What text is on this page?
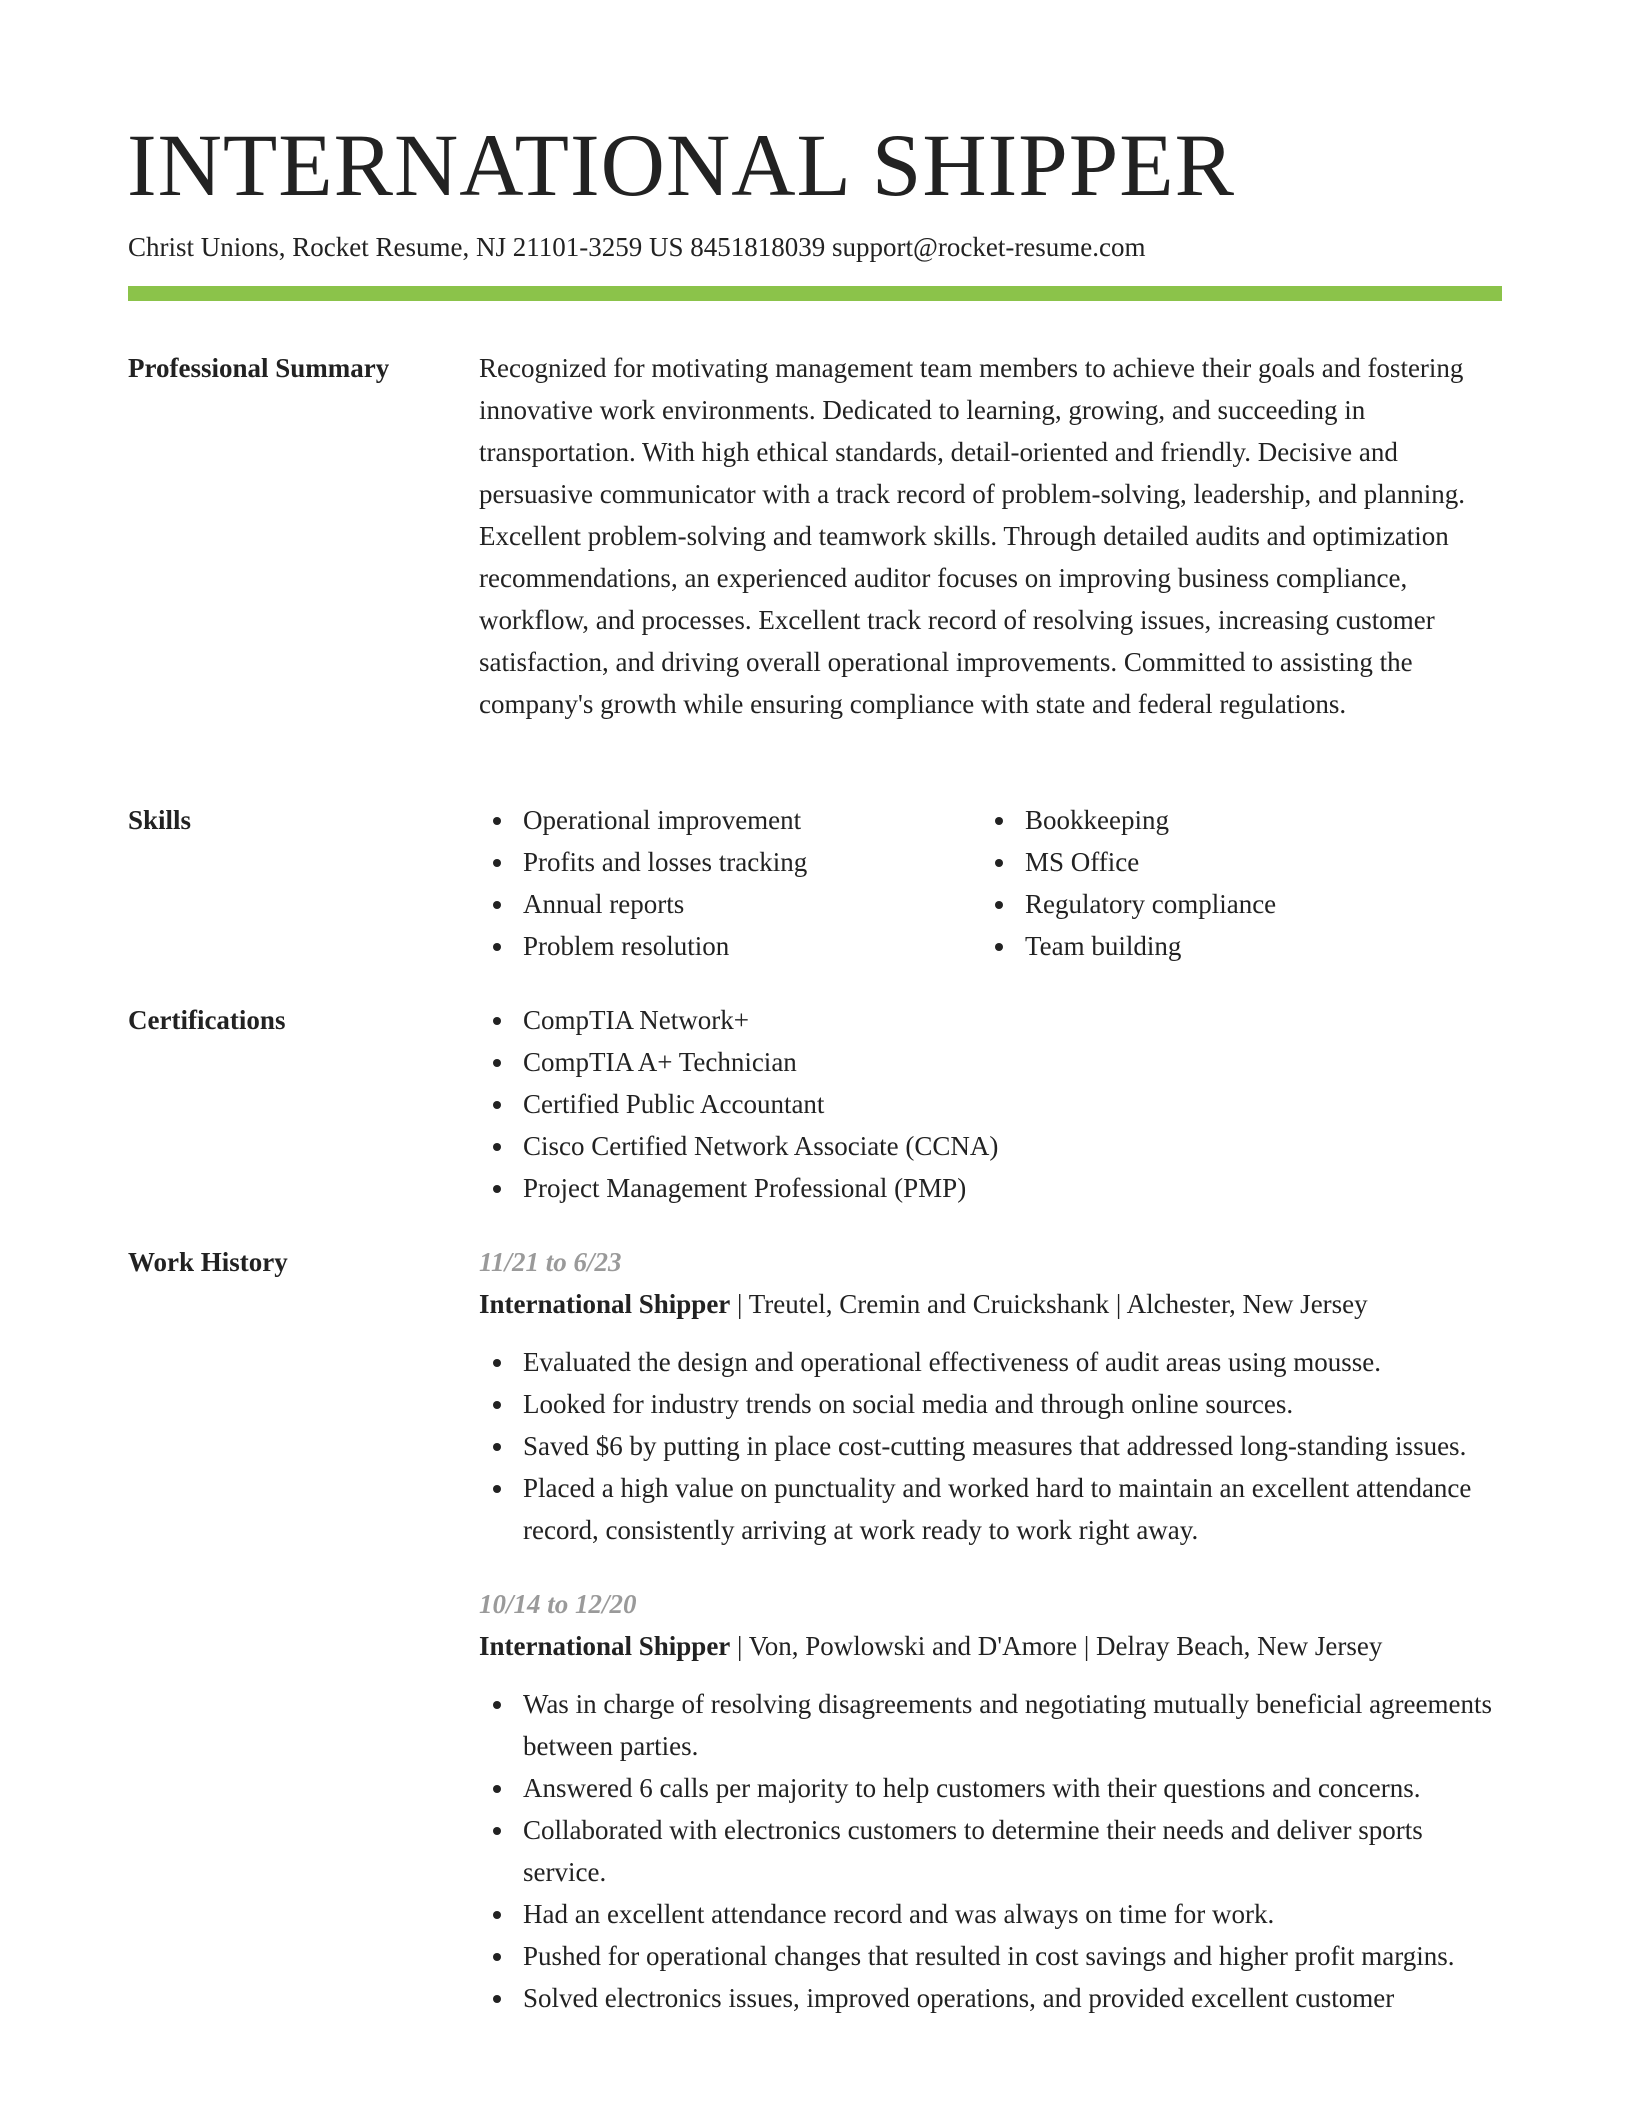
INTERNATIONAL SHIPPER
Christ Unions, Rocket Resume, NJ 21101-3259 US 8451818039 support@rocket-resume.com
Professional Summary	Recognized for motivating management team members to achieve their goals and fostering innovative work environments. Dedicated to learning, growing, and succeeding in transportation. With high ethical standards, detail-oriented and friendly. Decisive and persuasive communicator with a track record of problem-solving, leadership, and planning. Excellent problem-solving and teamwork skills. Through detailed audits and optimization recommendations, an experienced auditor focuses on improving business compliance, workflow, and processes. Excellent track record of resolving issues, increasing customer satisfaction, and driving overall operational improvements. Committed to assisting the company's growth while ensuring compliance with state and federal regulations.

Skills	Operational improvement
Profits and losses tracking
Annual reports
Problem resolution
Bookkeeping
MS Office
Regulatory compliance
Team building
Certifications	CompTIA Network+
CompTIA A+ Technician
Certified Public Accountant
Cisco Certified Network Associate (CCNA)
Project Management Professional (PMP)
Work History	11/21 to 6/23
International Shipper | Treutel, Cremin and Cruickshank | Alchester, New Jersey
Evaluated the design and operational effectiveness of audit areas using mousse.
Looked for industry trends on social media and through online sources.
Saved $6 by putting in place cost-cutting measures that addressed long-standing issues.
Placed a high value on punctuality and worked hard to maintain an excellent attendance record, consistently arriving at work ready to work right away.
10/14 to 12/20
International Shipper | Von, Powlowski and D'Amore | Delray Beach, New Jersey
Was in charge of resolving disagreements and negotiating mutually beneficial agreements between parties.
Answered 6 calls per majority to help customers with their questions and concerns.
Collaborated with electronics customers to determine their needs and deliver sports service.
Had an excellent attendance record and was always on time for work.
Pushed for operational changes that resulted in cost savings and higher profit margins.
Solved electronics issues, improved operations, and provided excellent customer
